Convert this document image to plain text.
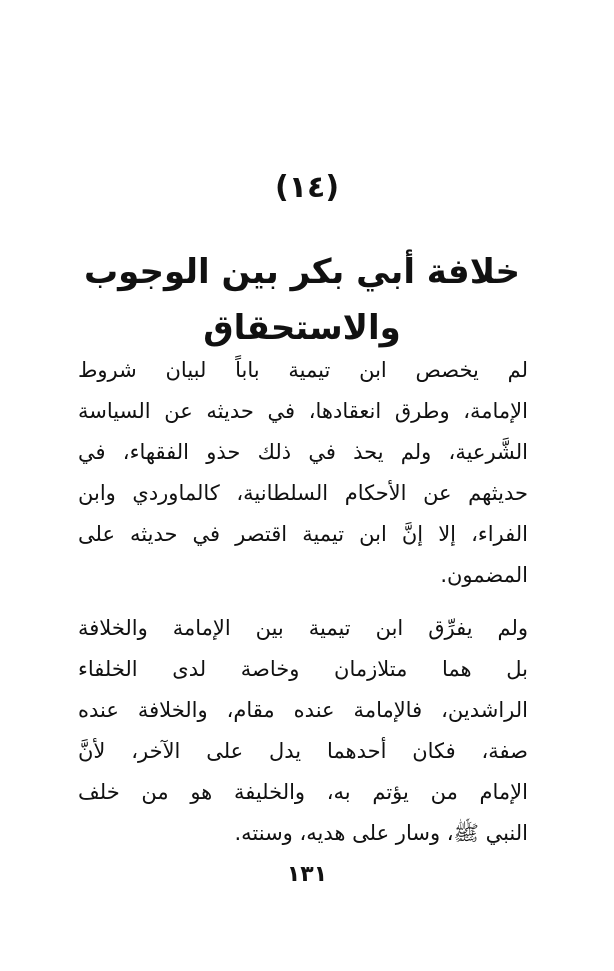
(١٤)
خلافة أبي بكر بين الوجوب والاستحقاق
لم يخصص ابن تيمية باباً لبيان شروط
الإمامة، وطرق انعقادها، في حديثه عن السياسة
الشَّرعية، ولم يحذ في ذلك حذو الفقهاء، في
حديثهم عن الأحكام السلطانية، كالماوردي وابن
الفراء، إلا إنَّ ابن تيمية اقتصر في حديثه على
المضمون.
ولم يفرِّق ابن تيمية بين الإمامة والخلافة
بل هما متلازمان وخاصة لدى الخلفاء
الراشدين، فالإمامة عنده مقام، والخلافة عنده
صفة، فكان أحدهما يدل على الآخر، لأنَّ
الإمام من يؤتم به، والخليفة هو من خلف
النبي ﷺ، وسار على هديه، وسنته.
١٣١
